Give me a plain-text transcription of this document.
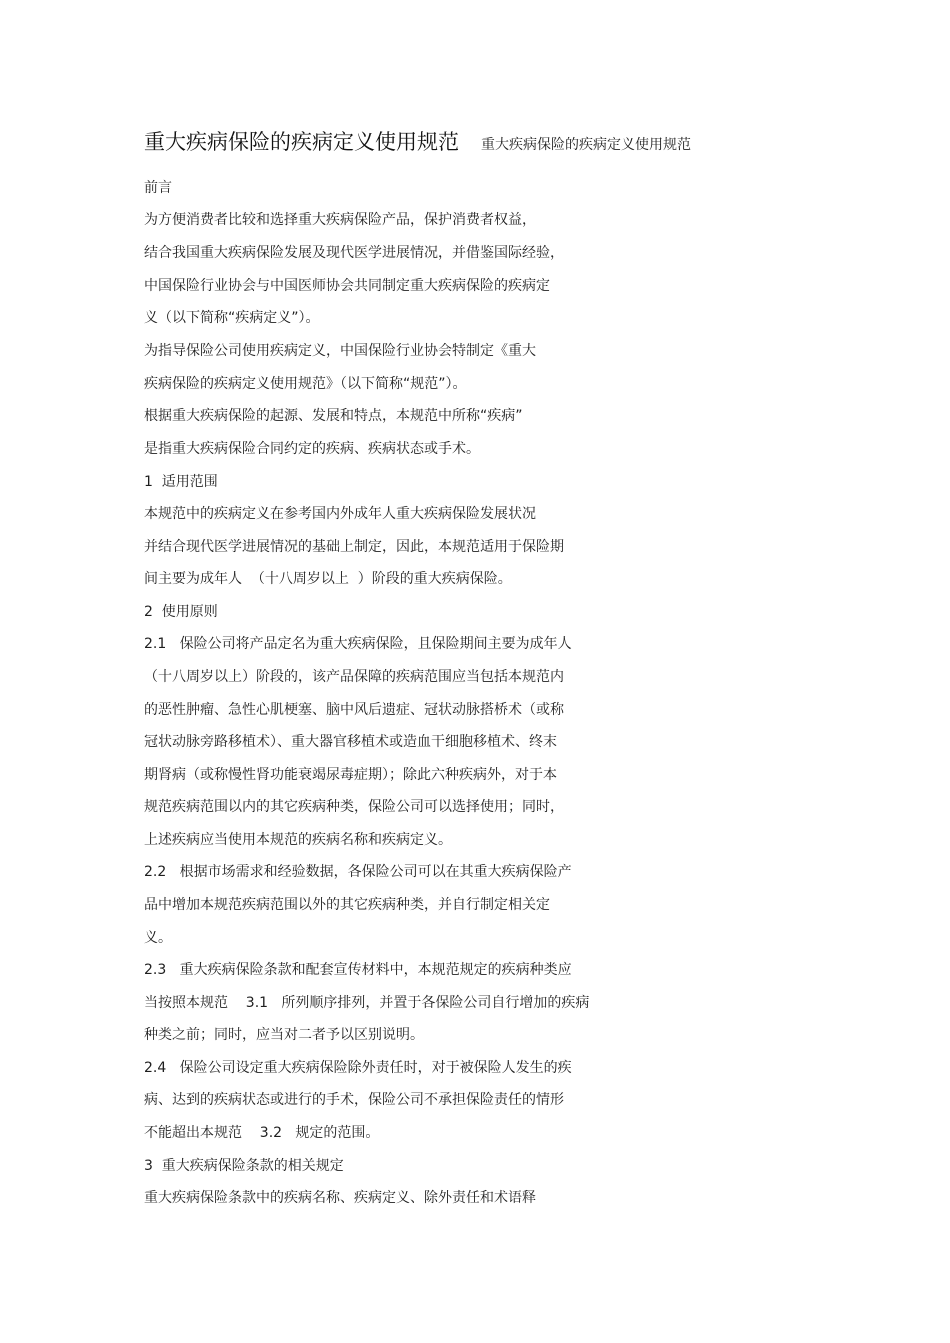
重大疾病保险的疾病定义使用规范 重大疾病保险的疾病定义使用规范
前言
为方便消费者比较和选择重大疾病保险产品，保护消费者权益，
结合我国重大疾病保险发展及现代医学进展情况，并借鉴国际经验，
中国保险行业协会与中国医师协会共同制定重大疾病保险的疾病定
义（以下简称“疾病定义”）。
为指导保险公司使用疾病定义，中国保险行业协会特制定《重大
疾病保险的疾病定义使用规范》（以下简称“规范”）。
根据重大疾病保险的起源、发展和特点，本规范中所称“疾病”
是指重大疾病保险合同约定的疾病、疾病状态或手术。
1  适用范围
本规范中的疾病定义在参考国内外成年人重大疾病保险发展状况
并结合现代医学进展情况的基础上制定，因此，本规范适用于保险期
间主要为成年人  （十八周岁以上  ）阶段的重大疾病保险。
2  使用原则
2.1   保险公司将产品定名为重大疾病保险，且保险期间主要为成年人
（十八周岁以上）阶段的，该产品保障的疾病范围应当包括本规范内
的恶性肿瘤、急性心肌梗塞、脑中风后遗症、冠状动脉搭桥术（或称
冠状动脉旁路移植术）、重大器官移植术或造血干细胞移植术、终末
期肾病（或称慢性肾功能衰竭尿毒症期）；除此六种疾病外，对于本
规范疾病范围以内的其它疾病种类，保险公司可以选择使用；同时，
上述疾病应当使用本规范的疾病名称和疾病定义。
2.2   根据市场需求和经验数据，各保险公司可以在其重大疾病保险产
品中增加本规范疾病范围以外的其它疾病种类，并自行制定相关定
义。
2.3   重大疾病保险条款和配套宣传材料中，本规范规定的疾病种类应
当按照本规范    3.1   所列顺序排列，并置于各保险公司自行增加的疾病
种类之前；同时，应当对二者予以区别说明。
2.4   保险公司设定重大疾病保险除外责任时，对于被保险人发生的疾
病、达到的疾病状态或进行的手术，保险公司不承担保险责任的情形
不能超出本规范    3.2   规定的范围。
3  重大疾病保险条款的相关规定
重大疾病保险条款中的疾病名称、疾病定义、除外责任和术语释
